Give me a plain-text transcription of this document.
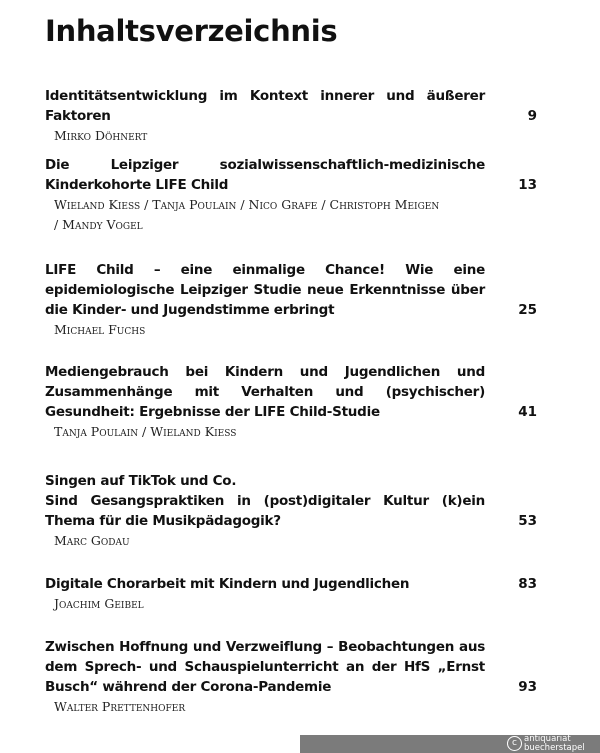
Inhaltsverzeichnis
Identitätsentwicklung im Kontext innerer und äußerer Faktoren	9
Mirko Döhnert
Die Leipziger sozialwissenschaftlich-medizinische Kinderkohorte LIFE Child	13
Wieland Kiess / Tanja Poulain / Nico Grafe / Christoph Meigen / Mandy Vogel
LIFE Child – eine einmalige Chance! Wie eine epidemiologische Leipziger Studie neue Erkenntnisse über die Kinder- und Jugendstimme erbringt	25
Michael Fuchs
Mediengebrauch bei Kindern und Jugendlichen und Zusammenhänge mit Verhalten und (psychischer) Gesundheit: Ergebnisse der LIFE Child-Studie	41
Tanja Poulain / Wieland Kiess
Singen auf TikTok und Co.
Sind Gesangspraktiken in (post)digitaler Kultur (k)ein Thema für die Musikpädagogik?	53
Marc Godau
Digitale Chorarbeit mit Kindern und Jugendlichen	83
Joachim Geibel
Zwischen Hoffnung und Verzweiflung – Beobachtungen aus dem Sprech- und Schauspielunterricht an der HfS „Ernst Busch“ während der Corona-Pandemie	93
Walter Prettenhofer
c antiquariat
buecherstapel
